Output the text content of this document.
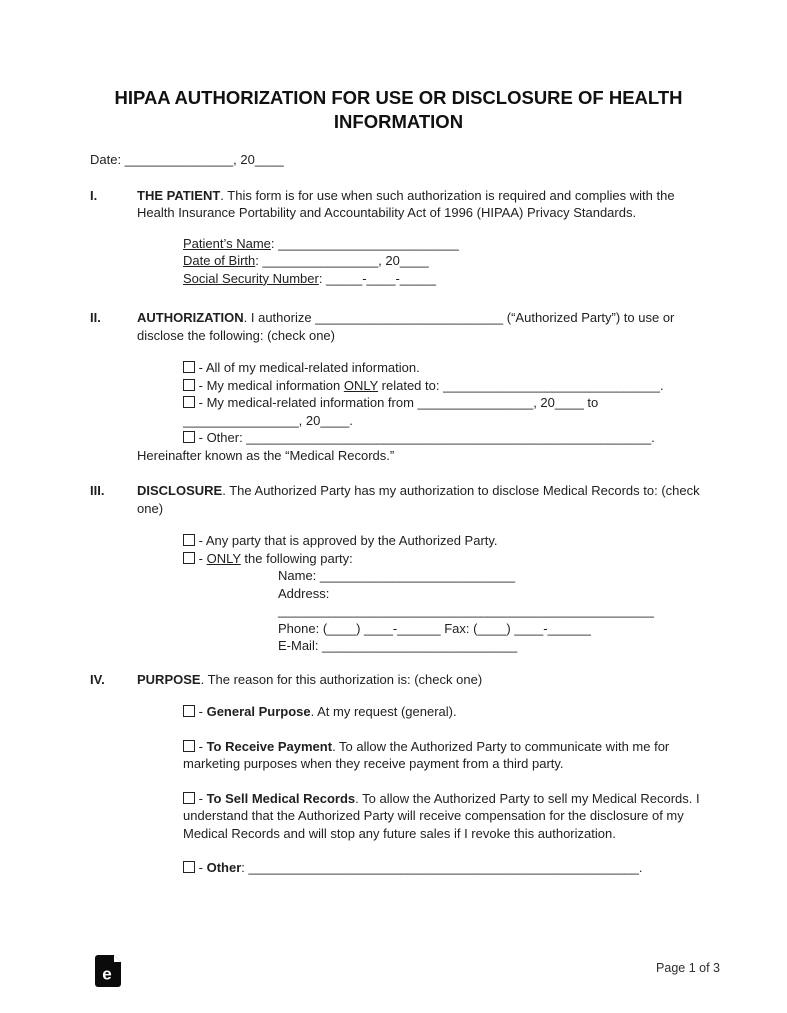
HIPAA AUTHORIZATION FOR USE OR DISCLOSURE OF HEALTH INFORMATION

Date: _______________, 20____

I.	THE PATIENT. This form is for use when such authorization is required and complies with the Health Insurance Portability and Accountability Act of 1996 (HIPAA) Privacy Standards.

Patient’s Name: _________________________

Date of Birth: ________________, 20____

Social Security Number: _____-____-_____

II.	AUTHORIZATION. I authorize __________________________ (“Authorized Party”) to use or disclose the following: (check one)

- All of my medical-related information.

- My medical information ONLY related to: ______________________________.

- My medical-related information from ________________, 20____ to ________________, 20____.

- Other: ________________________________________________________.

Hereinafter known as the “Medical Records.”

III.	DISCLOSURE. The Authorized Party has my authorization to disclose Medical Records to: (check one)

- Any party that is approved by the Authorized Party.

- ONLY the following party:

Name: ___________________________

Address: ____________________________________________________

Phone: (____) ____-______ Fax: (____) ____-______

E-Mail: ___________________________

IV.	PURPOSE. The reason for this authorization is: (check one)

- General Purpose. At my request (general).

- To Receive Payment. To allow the Authorized Party to communicate with me for marketing purposes when they receive payment from a third party.

- To Sell Medical Records. To allow the Authorized Party to sell my Medical Records. I understand that the Authorized Party will receive compensation for the disclosure of my Medical Records and will stop any future sales if I revoke this authorization.

- Other: ______________________________________________________.

e	Page 1 of 3
